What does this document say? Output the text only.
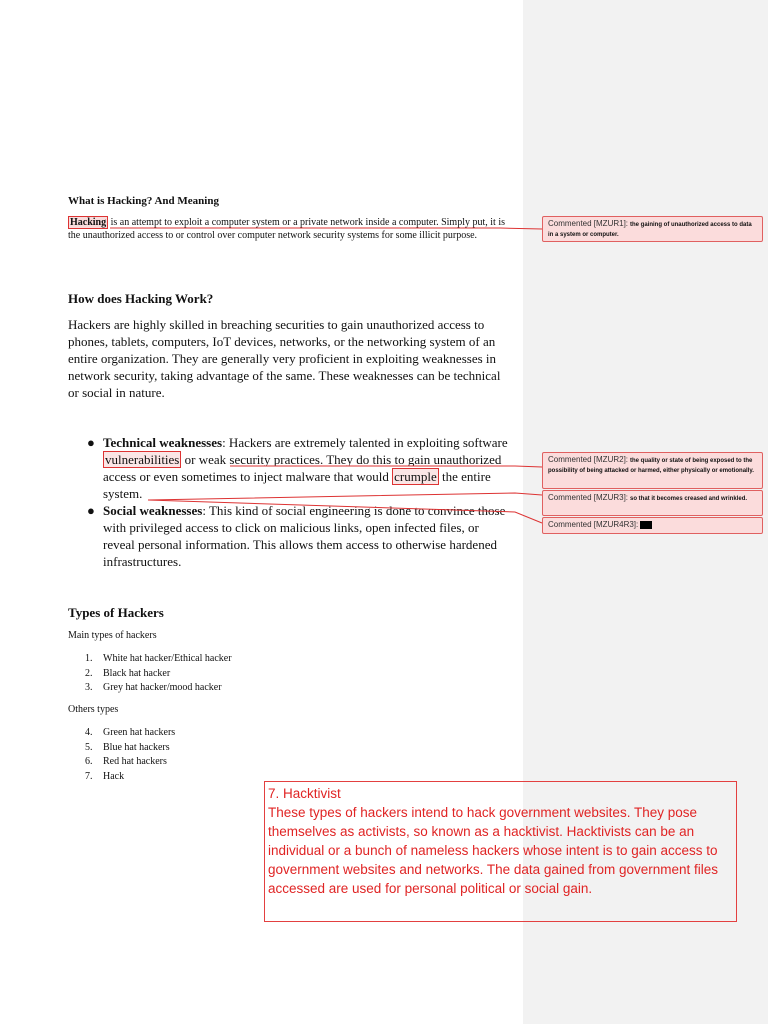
What is Hacking? And Meaning
Hacking is an attempt to exploit a computer system or a private network inside a computer. Simply put, it is the unauthorized access to or control over computer network security systems for some illicit purpose.
How does Hacking Work?
Hackers are highly skilled in breaching securities to gain unauthorized access to phones, tablets, computers, IoT devices, networks, or the networking system of an entire organization. They are generally very proficient in exploiting weaknesses in network security, taking advantage of the same. These weaknesses can be technical or social in nature.
● Technical weaknesses: Hackers are extremely talented in exploiting software vulnerabilities or weak security practices. They do this to gain unauthorized access or even sometimes to inject malware that would crumple the entire system.
● Social weaknesses: This kind of social engineering is done to convince those with privileged access to click on malicious links, open infected files, or reveal personal information. This allows them access to otherwise hardened infrastructures.
Types of Hackers
Main types of hackers
1. White hat hacker/Ethical hacker
2. Black hat hacker
3. Grey hat hacker/mood hacker
Others types
4. Green hat hackers
5. Blue hat hackers
6. Red hat hackers
7. Hack
Commented [MZUR1]: the gaining of unauthorized access to data in a system or computer.
Commented [MZUR2]: the quality or state of being exposed to the possibility of being attacked or harmed, either physically or emotionally.
Commented [MZUR3]: so that it becomes creased and wrinkled.
Commented [MZUR4R3]:
7. Hacktivist
These types of hackers intend to hack government websites. They pose themselves as activists, so known as a hacktivist. Hacktivists can be an individual or a bunch of nameless hackers whose intent is to gain access to government websites and networks. The data gained from government files accessed are used for personal political or social gain.
